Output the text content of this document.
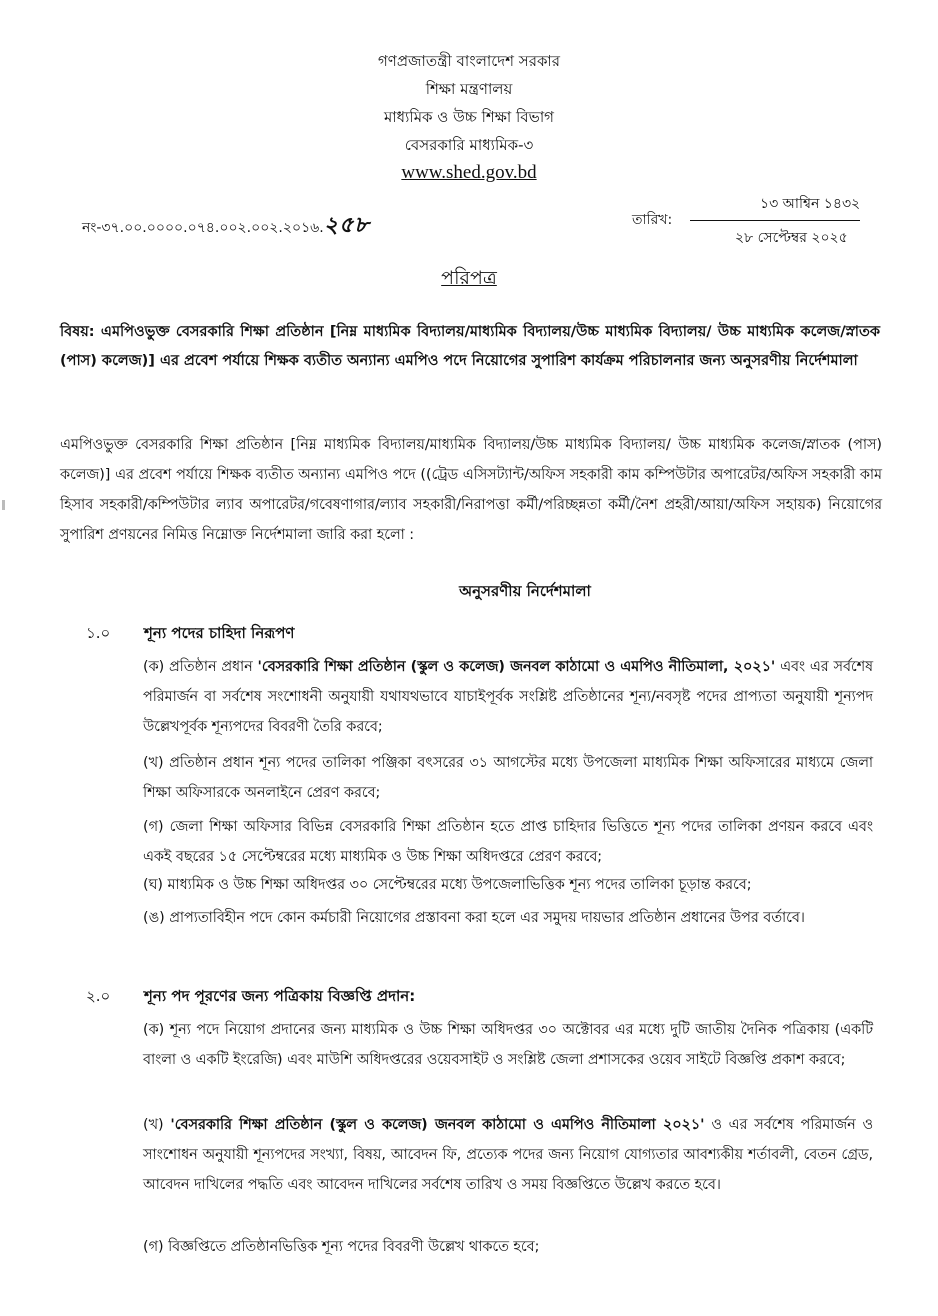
গণপ্রজাতন্ত্রী বাংলাদেশ সরকার
শিক্ষা মন্ত্রণালয়
মাধ্যমিক ও উচ্চ শিক্ষা বিভাগ
বেসরকারি মাধ্যমিক-৩
www.shed.gov.bd
নং-৩৭.০০.০০০০.০৭৪.০০২.০০২.২০১৬.২৫৮
১৩ আশ্বিন ১৪৩২
তারিখ:
২৮ সেপ্টেম্বর ২০২৫
পরিপত্র
বিষয়: এমপিওভুক্ত বেসরকারি শিক্ষা প্রতিষ্ঠান [নিম্ন মাধ্যমিক বিদ্যালয়/মাধ্যমিক বিদ্যালয়/উচ্চ মাধ্যমিক বিদ্যালয়/ উচ্চ মাধ্যমিক কলেজ/স্নাতক (পাস) কলেজ)] এর প্রবেশ পর্যায়ে শিক্ষক ব্যতীত অন্যান্য এমপিও পদে নিয়োগের সুপারিশ কার্যক্রম পরিচালনার জন্য অনুসরণীয় নির্দেশমালা
এমপিওভুক্ত বেসরকারি শিক্ষা প্রতিষ্ঠান [নিম্ন মাধ্যমিক বিদ্যালয়/মাধ্যমিক বিদ্যালয়/উচ্চ মাধ্যমিক বিদ্যালয়/ উচ্চ মাধ্যমিক কলেজ/স্নাতক (পাস) কলেজ)] এর প্রবেশ পর্যায়ে শিক্ষক ব্যতীত অন্যান্য এমপিও পদে ((ট্রেড এসিসট্যান্ট/অফিস সহকারী কাম কম্পিউটার অপারেটর/অফিস সহকারী কাম হিসাব সহকারী/কম্পিউটার ল্যাব অপারেটর/গবেষণাগার/ল্যাব সহকারী/নিরাপত্তা কর্মী/পরিচ্ছন্নতা কর্মী/নৈশ প্রহরী/আয়া/অফিস সহায়ক) নিয়োগের সুপারিশ প্রণয়নের নিমিত্ত নিম্নোক্ত নির্দেশমালা জারি করা হলো :
অনুসরণীয় নির্দেশমালা
১.০ শূন্য পদের চাহিদা নিরূপণ
(ক) প্রতিষ্ঠান প্রধান 'বেসরকারি শিক্ষা প্রতিষ্ঠান (স্কুল ও কলেজ) জনবল কাঠামো ও এমপিও নীতিমালা, ২০২১' এবং এর সর্বশেষ পরিমার্জন বা সর্বশেষ সংশোধনী অনুযায়ী যথাযথভাবে যাচাইপূর্বক সংশ্লিষ্ট প্রতিষ্ঠানের শূন্য/নবসৃষ্ট পদের প্রাপ্যতা অনুযায়ী শূন্যপদ উল্লেখপূর্বক শূন্যপদের বিবরণী তৈরি করবে;
(খ) প্রতিষ্ঠান প্রধান শূন্য পদের তালিকা পঞ্জিকা বৎসরের ৩১ আগস্টের মধ্যে উপজেলা মাধ্যমিক শিক্ষা অফিসারের মাধ্যমে জেলা শিক্ষা অফিসারকে অনলাইনে প্রেরণ করবে;
(গ) জেলা শিক্ষা অফিসার বিভিন্ন বেসরকারি শিক্ষা প্রতিষ্ঠান হতে প্রাপ্ত চাহিদার ভিত্তিতে শূন্য পদের তালিকা প্রণয়ন করবে এবং একই বছরের ১৫ সেপ্টেম্বরের মধ্যে মাধ্যমিক ও উচ্চ শিক্ষা অধিদপ্তরে প্রেরণ করবে;
(ঘ) মাধ্যমিক ও উচ্চ শিক্ষা অধিদপ্তর ৩০ সেপ্টেম্বরের মধ্যে উপজেলাভিত্তিক শূন্য পদের তালিকা চূড়ান্ত করবে;
(ঙ) প্রাপ্যতাবিহীন পদে কোন কর্মচারী নিয়োগের প্রস্তাবনা করা হলে এর সমুদয় দায়ভার প্রতিষ্ঠান প্রধানের উপর বর্তাবে।
২.০ শূন্য পদ পূরণের জন্য পত্রিকায় বিজ্ঞপ্তি প্রদান:
(ক) শূন্য পদে নিয়োগ প্রদানের জন্য মাধ্যমিক ও উচ্চ শিক্ষা অধিদপ্তর ৩০ অক্টোবর এর মধ্যে দুটি জাতীয় দৈনিক পত্রিকায় (একটি বাংলা ও একটি ইংরেজি) এবং মাউশি অধিদপ্তরের ওয়েবসাইট ও সংশ্লিষ্ট জেলা প্রশাসকের ওয়েব সাইটে বিজ্ঞপ্তি প্রকাশ করবে;
(খ) 'বেসরকারি শিক্ষা প্রতিষ্ঠান (স্কুল ও কলেজ) জনবল কাঠামো ও এমপিও নীতিমালা ২০২১' ও এর সর্বশেষ পরিমার্জন ও সাংশোধন অনুযায়ী শূন্যপদের সংখ্যা, বিষয়, আবেদন ফি, প্রত্যেক পদের জন্য নিয়োগ যোগ্যতার আবশ্যকীয় শর্তাবলী, বেতন গ্রেড, আবেদন দাখিলের পদ্ধতি এবং আবেদন দাখিলের সর্বশেষ তারিখ ও সময় বিজ্ঞপ্তিতে উল্লেখ করতে হবে।
(গ) বিজ্ঞপ্তিতে প্রতিষ্ঠানভিত্তিক শূন্য পদের বিবরণী উল্লেখ থাকতে হবে;
